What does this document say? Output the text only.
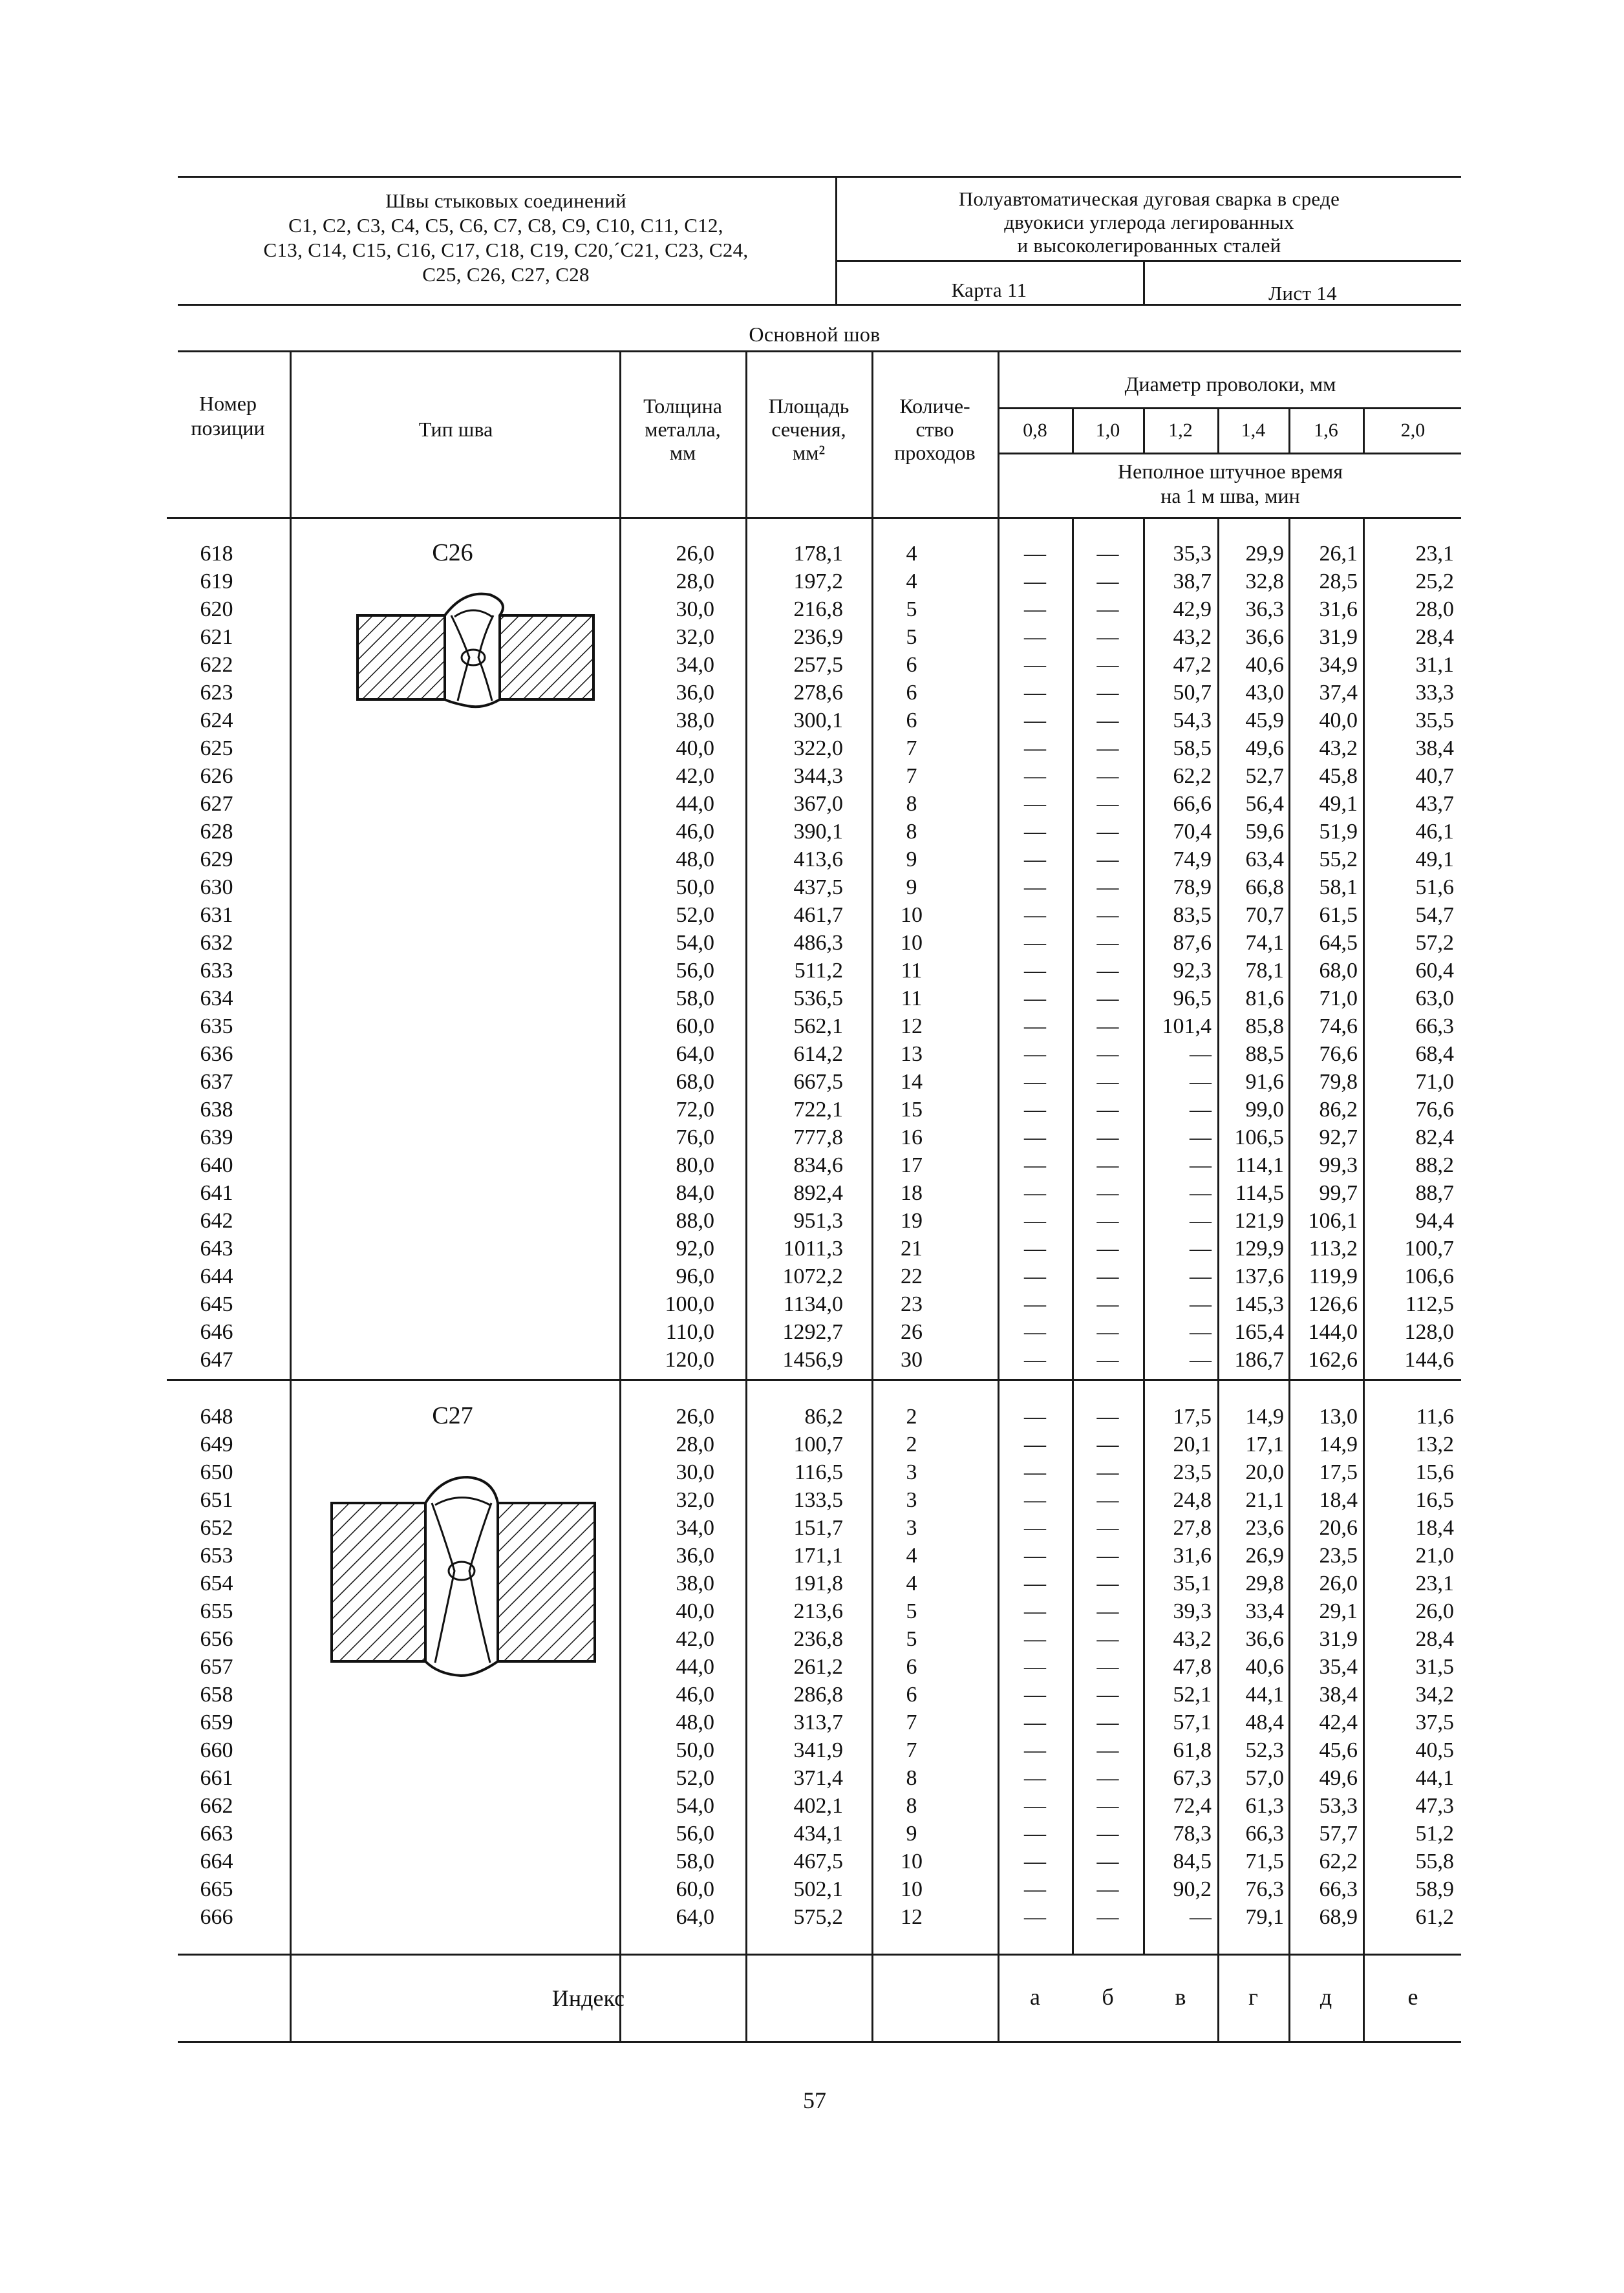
Швы стыковых соединений
С1, С2, С3, С4, С5, С6, С7, С8, С9, С10, С11, С12,
С13, С14, С15, С16, С17, С18, С19, С20,´С21, С23, С24,
С25, С26, С27, С28
Полуавтоматическая дуговая сварка в среде
двуокиси углерода легированных
и высоколегированных сталей
Карта 11	Лист 14
Основной шов
Номер
позиции	Тип шва
Толщина
металла,
мм
Площадь
сечения,
мм²
Количе-
ство
проходов
Диаметр проволоки, мм
0,8	1,0	1,2	1,4	1,6	2,0
Неполное штучное время
на 1 м шва, мин
618	26,0	178,1	4	—	—	35,3	29,9	26,1	23,1
619	28,0	197,2	4	—	—	38,7	32,8	28,5	25,2
620	30,0	216,8	5	—	—	42,9	36,3	31,6	28,0
621	32,0	236,9	5	—	—	43,2	36,6	31,9	28,4
622	34,0	257,5	6	—	—	47,2	40,6	34,9	31,1
623	36,0	278,6	6	—	—	50,7	43,0	37,4	33,3
624	38,0	300,1	6	—	—	54,3	45,9	40,0	35,5
625	40,0	322,0	7	—	—	58,5	49,6	43,2	38,4
626	42,0	344,3	7	—	—	62,2	52,7	45,8	40,7
627	44,0	367,0	8	—	—	66,6	56,4	49,1	43,7
628	46,0	390,1	8	—	—	70,4	59,6	51,9	46,1
629	48,0	413,6	9	—	—	74,9	63,4	55,2	49,1
630	50,0	437,5	9	—	—	78,9	66,8	58,1	51,6
631	52,0	461,7	10	—	—	83,5	70,7	61,5	54,7
632	54,0	486,3	10	—	—	87,6	74,1	64,5	57,2
633	56,0	511,2	11	—	—	92,3	78,1	68,0	60,4
634	58,0	536,5	11	—	—	96,5	81,6	71,0	63,0
635	60,0	562,1	12	—	—	101,4	85,8	74,6	66,3
636	64,0	614,2	13	—	—	—	88,5	76,6	68,4
637	68,0	667,5	14	—	—	—	91,6	79,8	71,0
638	72,0	722,1	15	—	—	—	99,0	86,2	76,6
639	76,0	777,8	16	—	—	—	106,5	92,7	82,4
640	80,0	834,6	17	—	—	—	114,1	99,3	88,2
641	84,0	892,4	18	—	—	—	114,5	99,7	88,7
642	88,0	951,3	19	—	—	—	121,9	106,1	94,4
643	92,0	1011,3	21	—	—	—	129,9	113,2	100,7
644	96,0	1072,2	22	—	—	—	137,6	119,9	106,6
645	100,0	1134,0	23	—	—	—	145,3	126,6	112,5
646	110,0	1292,7	26	—	—	—	165,4	144,0	128,0
647	120,0	1456,9	30	—	—	—	186,7	162,6	144,6
648	26,0	86,2	2	—	—	17,5	14,9	13,0	11,6
649	28,0	100,7	2	—	—	20,1	17,1	14,9	13,2
650	30,0	116,5	3	—	—	23,5	20,0	17,5	15,6
651	32,0	133,5	3	—	—	24,8	21,1	18,4	16,5
652	34,0	151,7	3	—	—	27,8	23,6	20,6	18,4
653	36,0	171,1	4	—	—	31,6	26,9	23,5	21,0
654	38,0	191,8	4	—	—	35,1	29,8	26,0	23,1
655	40,0	213,6	5	—	—	39,3	33,4	29,1	26,0
656	42,0	236,8	5	—	—	43,2	36,6	31,9	28,4
657	44,0	261,2	6	—	—	47,8	40,6	35,4	31,5
658	46,0	286,8	6	—	—	52,1	44,1	38,4	34,2
659	48,0	313,7	7	—	—	57,1	48,4	42,4	37,5
660	50,0	341,9	7	—	—	61,8	52,3	45,6	40,5
661	52,0	371,4	8	—	—	67,3	57,0	49,6	44,1
662	54,0	402,1	8	—	—	72,4	61,3	53,3	47,3
663	56,0	434,1	9	—	—	78,3	66,3	57,7	51,2
664	58,0	467,5	10	—	—	84,5	71,5	62,2	55,8
665	60,0	502,1	10	—	—	90,2	76,3	66,3	58,9
666	64,0	575,2	12	—	—	—	79,1	68,9	61,2
С26
С27
Индекс	а	б	в	г	д	е
57
